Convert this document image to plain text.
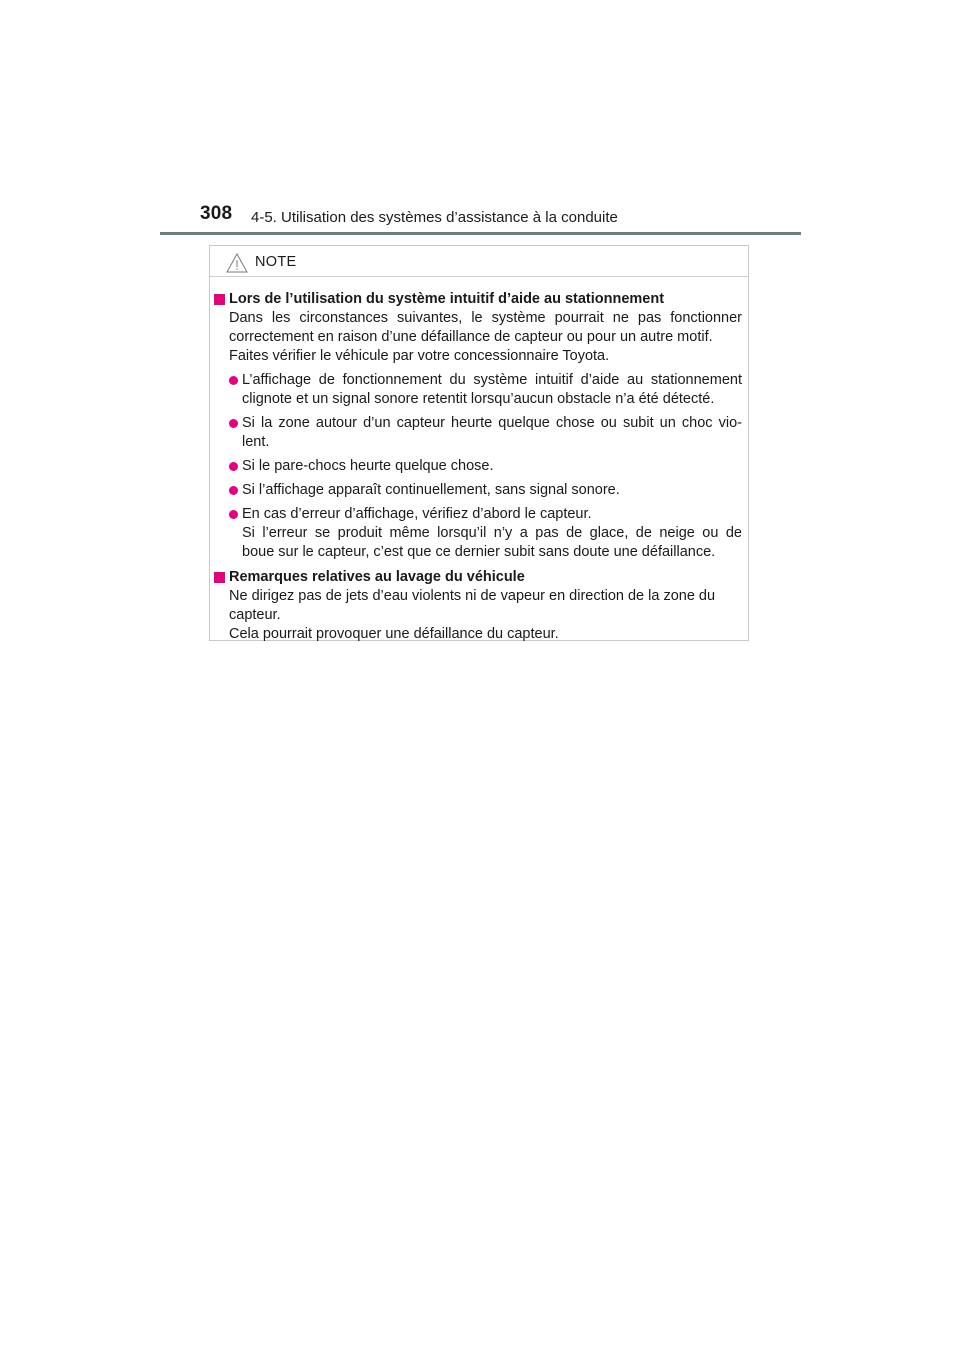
308 4-5. Utilisation des systèmes d’assistance à la conduite
NOTE
Lors de l’utilisation du système intuitif d’aide au stationnement
Dans les circonstances suivantes, le système pourrait ne pas fonctionner
correctement en raison d’une défaillance de capteur ou pour un autre motif.
Faites vérifier le véhicule par votre concessionnaire Toyota.
L’affichage de fonctionnement du système intuitif d’aide au stationnement
clignote et un signal sonore retentit lorsqu’aucun obstacle n’a été détecté.
Si la zone autour d’un capteur heurte quelque chose ou subit un choc vio-
lent.
Si le pare-chocs heurte quelque chose.
Si l’affichage apparaît continuellement, sans signal sonore.
En cas d’erreur d’affichage, vérifiez d’abord le capteur.
Si l’erreur se produit même lorsqu’il n’y a pas de glace, de neige ou de
boue sur le capteur, c’est que ce dernier subit sans doute une défaillance.
Remarques relatives au lavage du véhicule
Ne dirigez pas de jets d’eau violents ni de vapeur en direction de la zone du
capteur.
Cela pourrait provoquer une défaillance du capteur.
